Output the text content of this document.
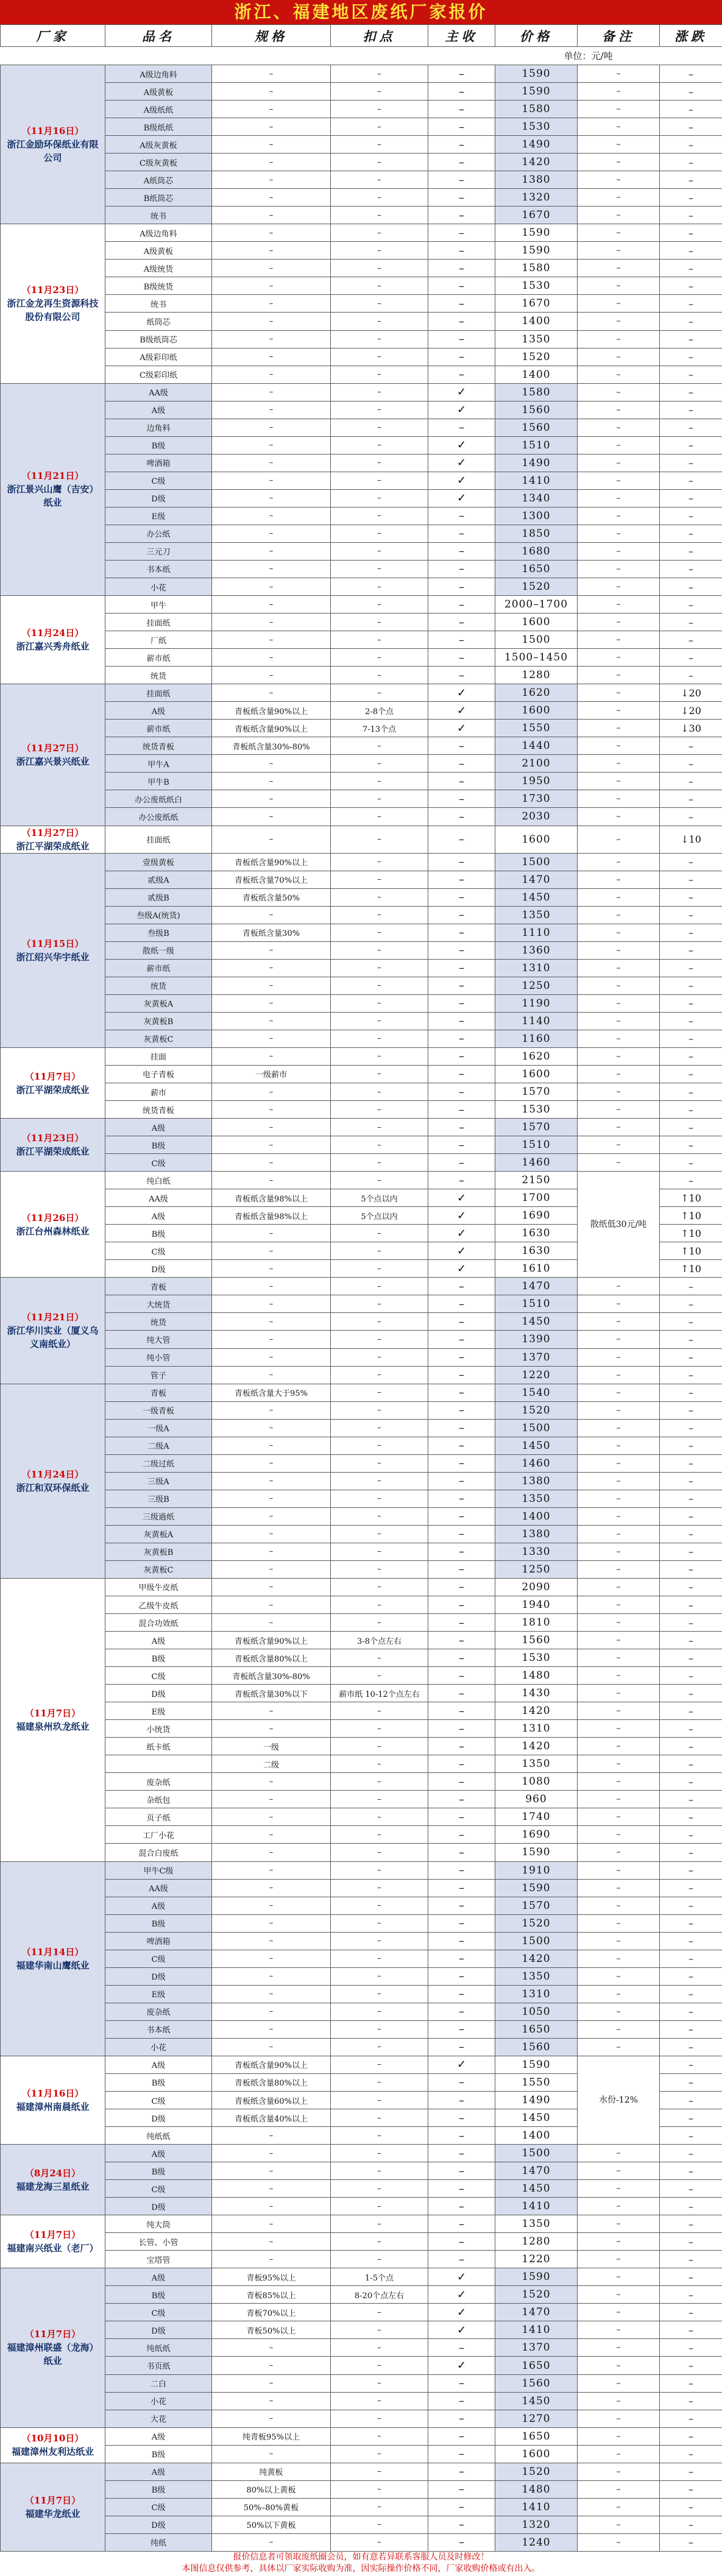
浙江、福建地区废纸厂家报价
厂家	品名	规格	扣点	主收	价格	备注	涨跌
单位：元/吨							

（11月16日）
浙江金励环保纸业有限公司	A级边角料	–	–	–	1590	–	–
	A级黄板	–	–	–	1590	–	–
	A级纸纸	–	–	–	1580	–	–
	B级纸纸	–	–	–	1530	–	–
	A级灰黄板	–	–	–	1490	–	–
	C级灰黄板	–	–	–	1420	–	–
	A纸筒芯	–	–	–	1380	–	–
	B纸筒芯	–	–	–	1320	–	–
	统书	–	–	–	1670	–	–

（11月23日）
浙江金龙再生资源科技股份有限公司	A级边角料	–	–	–	1590	–	–
	A级黄板	–	–	–	1590	–	–
	A级统货	–	–	–	1580	–	–
	B级统货	–	–	–	1530	–	–
	统书	–	–	–	1670	–	–
	纸筒芯	–	–	–	1400	–	–
	B级纸筒芯	–	–	–	1350	–	–
	A级彩印纸	–	–	–	1520	–	–
	C级彩印纸	–	–	–	1400	–	–

（11月21日）
浙江景兴山鹰（吉安）纸业	AA级	–	–	✓	1580	–	–
	A级	–	–	✓	1560	–	–
	边角料	–	–	–	1560	–	–
	B级	–	–	✓	1510	–	–
	啤酒箱	–	–	✓	1490	–	–
	C级	–	–	✓	1410	–	–
	D级	–	–	✓	1340	–	–
	E级	–	–	–	1300	–	–
	办公纸	–	–	–	1850	–	–
	三元刀	–	–	–	1680	–	–
	书本纸	–	–	–	1650	–	–
	小花	–	–	–	1520	–	–

（11月24日）
浙江嘉兴秀舟纸业	甲牛	–	–	–	2000–1700	–	–
	挂面纸	–	–	–	1600	–	–
	厂纸	–	–	–	1500	–	–
	薪市纸	–	–	–	1500–1450	–	–
	统货	–	–	–	1280	–	–

（11月27日）
浙江嘉兴景兴纸业	挂面纸	–	–	✓	1620	–	↓20
	A级	青板纸含量90%以上	2-8个点	✓	1600	–	↓20
	薪市纸	青板纸含量90%以上	7-13个点	✓	1550	–	↓30
	统货青板	青板纸含量30%-80%	–	–	1440	–	–
	甲牛A	–	–	–	2100	–	–
	甲牛B	–	–	–	1950	–	–
	办公废纸纸白	–	–	–	1730	–	–
	办公废纸纸	–	–	–	2030	–	–

（11月27日）
浙江平湖荣成纸业	挂面纸	–	–	–	1600	–	↓10

（11月15日）
浙江绍兴华宇纸业	壹级黄板	青板纸含量90%以上	–	–	1500	–	–
	贰级A	青板纸含量70%以上	–	–	1470	–	–
	贰级B	青板纸含量50%	–	–	1450	–	–
	叁级A(统货)	–	–	–	1350	–	–
	叁级B	青板纸含量30%	–	–	1110	–	–
	散纸一级	–	–	–	1360	–	–
	薪市纸	–	–	–	1310	–	–
	统货	–	–	–	1250	–	–
	灰黄板A	–	–	–	1190	–	–
	灰黄板B	–	–	–	1140	–	–
	灰黄板C	–	–	–	1160	–	–

（11月7日）
浙江平湖荣成纸业	挂面	–	–	–	1620	–	–
	电子青板	一级薪市	–	–	1600	–	–
	薪市	–	–	–	1570	–	–
	统货青板	–	–	–	1530	–	–

（11月23日）
浙江平湖荣成纸业	A级	–	–	–	1570	–	–
	B级	–	–	–	1510	–	–
	C级	–	–	–	1460	–	–

（11月26日）
浙江台州森林纸业	纯白纸	–	–	–	2150	散纸低30元/吨	–
	AA级	青板纸含量98%以上	5个点以内	✓	1700		↑10
	A级	青板纸含量98%以上	5个点以内	✓	1690		↑10
	B级	–	–	✓	1630		↑10
	C级	–	–	✓	1630		↑10
	D级	–	–	✓	1610		↑10

（11月21日）
浙江华川实业（厦义乌义南纸业）	青板	–	–	–	1470	–	–
	大统货	–	–	–	1510	–	–
	统货	–	–	–	1450	–	–
	纯大管	–	–	–	1390	–	–
	纯小管	–	–	–	1370	–	–
	管子	–	–	–	1220	–	–

（11月24日）
浙江和双环保纸业	青板	青板纸含量大于95%	–	–	1540	–	–
	一级青板	–	–	–	1520	–	–
	一级A	–	–	–	1500	–	–
	二级A	–	–	–	1450	–	–
	二级过纸	–	–	–	1460	–	–
	三级A	–	–	–	1380	–	–
	三级B	–	–	–	1350	–	–
	三级過纸	–	–	–	1400	–	–
	灰黄板A	–	–	–	1380	–	–
	灰黄板B	–	–	–	1330	–	–
	灰黄板C	–	–	–	1250	–	–

（11月7日）
福建泉州玖龙纸业	甲级牛皮纸	–	–	–	2090	–	–
	乙级牛皮纸	–	–	–	1940	–	–
	混合功效纸	–	–	–	1810	–	–
	A级	青板纸含量90%以上	3-8个点左右	–	1560	–	–
	B级	青板纸含量80%以上	–	–	1530	–	–
	C级	青板纸含量30%-80%	–	–	1480	–	–
	D级	青板纸含量30%以下	薪市纸 10-12个点左右	–	1430	–	–
	E级	–	–	–	1420	–	–
	小统货	–	–	–	1310	–	–
	纸卡纸	一级	–	–	1420	–	–
		二级	–	–	1350	–	–
	废杂纸	–	–	–	1080	–	–
	杂纸包	–	–	–	960	–	–
	页子纸	–	–	–	1740	–	–
	工厂小花	–	–	–	1690	–	–
	混合白废纸	–	–	–	1590	–	–

（11月14日）
福建华南山鹰纸业	甲牛C级	–	–	–	1910	–	–
	AA级	–	–	–	1590	–	–
	A级	–	–	–	1570	–	–
	B级	–	–	–	1520	–	–
	啤酒箱	–	–	–	1500	–	–
	C级	–	–	–	1420	–	–
	D级	–	–	–	1350	–	–
	E级	–	–	–	1310	–	–
	废杂纸	–	–	–	1050	–	–
	书本纸	–	–	–	1650	–	–
	小花	–	–	–	1560	–	–

（11月16日）
福建漳州南晨纸业	A级	青板纸含量90%以上	–	✓	1590	水份-12%	–
	B级	青板纸含量80%以上	–	–	1550		–
	C级	青板纸含量60%以上	–	–	1490		–
	D级	青板纸含量40%以上	–	–	1450		–
	纯纸纸	–	–	–	1400		–

（8月24日）
福建龙海三星纸业	A级	–	–	–	1500	–	–
	B级	–	–	–	1470	–	–
	C级	–	–	–	1450	–	–
	D级	–	–	–	1410	–	–

（11月7日）
福建南兴纸业（老厂）	纯大筒	–	–	–	1350	–	–
	长管、小管	–	–	–	1280	–	–
	宝塔管	–	–	–	1220	–	–

（11月7日）
福建漳州联盛（龙海）纸业	A级	青板95%以上	1-5个点	✓	1590	–	–
	B级	青板85%以上	8-20个点左右	✓	1520	–	–
	C级	青板70%以上	–	✓	1470	–	–
	D级	青板50%以上	–	✓	1410	–	–
	纯纸纸	–	–	–	1370	–	–
	书页纸	–	–	✓	1650	–	–
	二白	–	–	–	1560	–	–
	小花	–	–	–	1450	–	–
	大花	–	–	–	1270	–	–

（10月10日）
福建漳州友利达纸业	A级	纯青板95%以上	–	–	1650	–	–
	B级	–	–	–	1600	–	–

（11月7日）
福建华龙纸业	A级	纯黄板	–	–	1520	–	–
	B级	80%以上黄板	–	–	1480	–	–
	C级	50%–80%黄板	–	–	1410	–	–
	D级	50%以下黄板	–	–	1320	–	–
	纯纸	–	–	–	1240	–	–
报价信息者可领取废纸圈会员，如有意若异联系客服人员及时修改！
本图信息仅供参考，具体以厂家实际收购为准，因实际操作价格不同，厂家收购价格或有出入。
